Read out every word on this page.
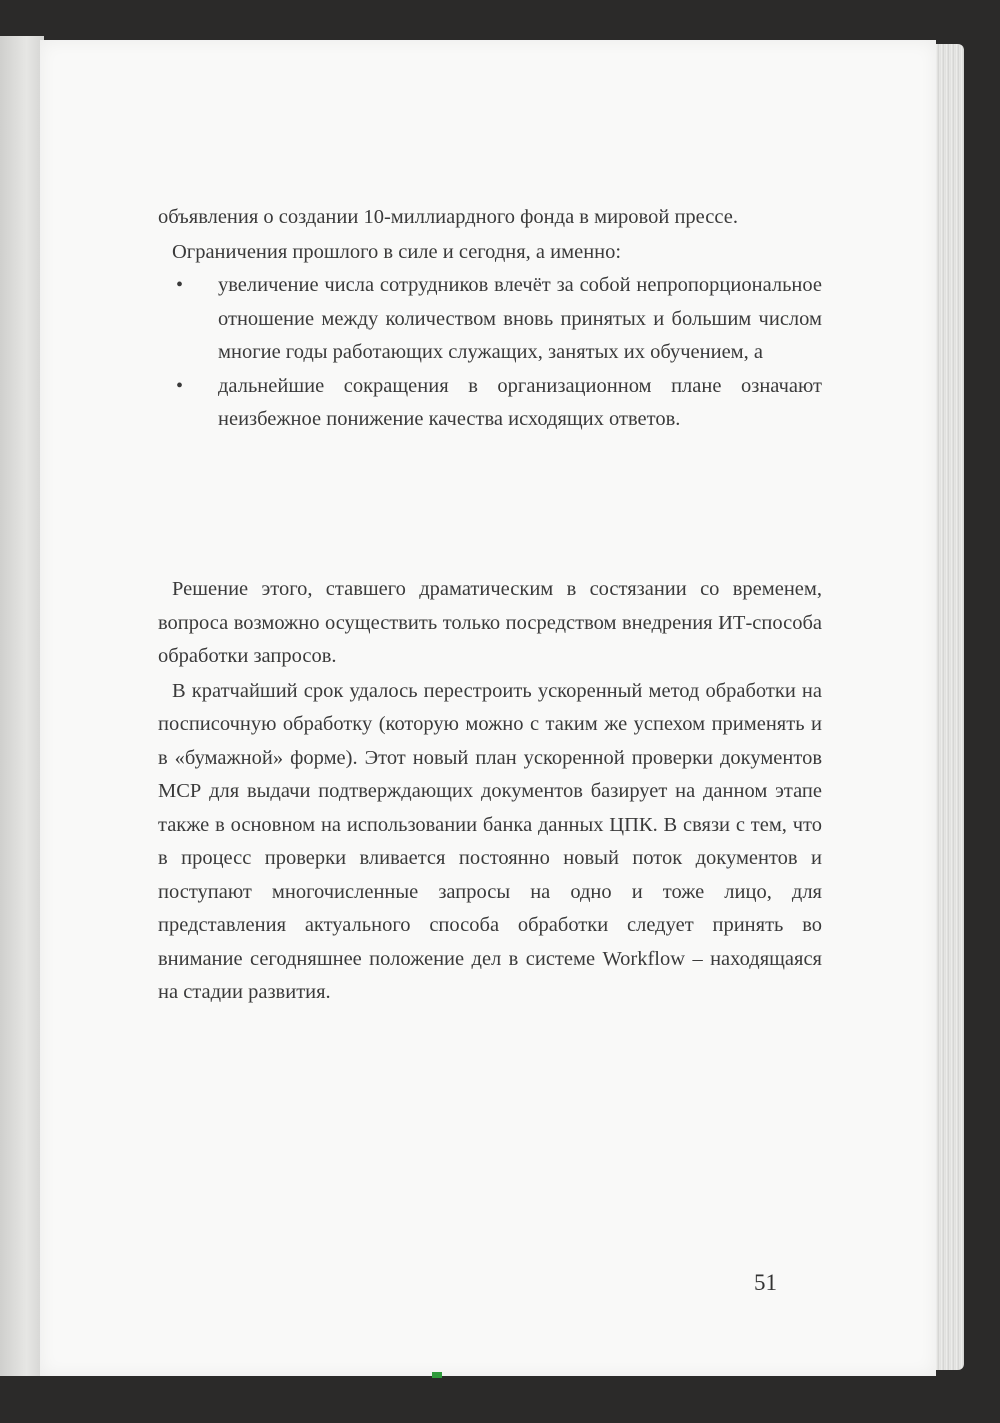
объявления о создании 10-миллиардного фонда в мировой прессе.

Ограничения прошлого в силе и сегодня, а именно:

• увеличение числа сотрудников влечёт за собой непропорциональное отношение между количеством вновь принятых и большим числом многие годы работающих служащих, занятых их обучением, а
• дальнейшие сокращения в организационном плане означают неизбежное понижение качества исходящих ответов.

Решение этого, ставшего драматическим в состязании со временем, вопроса возможно осуществить только посредством внедрения ИТ-способа обработки запросов.

В кратчайший срок удалось перестроить ускоренный метод обработки на посписочную обработку (которую можно с таким же успехом применять и в «бумажной» форме). Этот новый план ускоренной проверки документов МСР для выдачи подтверждающих документов базирует на данном этапе также в основном на использовании банка данных ЦПК. В связи с тем, что в процесс проверки вливается постоянно новый поток документов и поступают многочисленные запросы на одно и тоже лицо, для представления актуального способа обработки следует принять во внимание сегодняшнее положение дел в системе Workflow – находящаяся на стадии развития.

51
